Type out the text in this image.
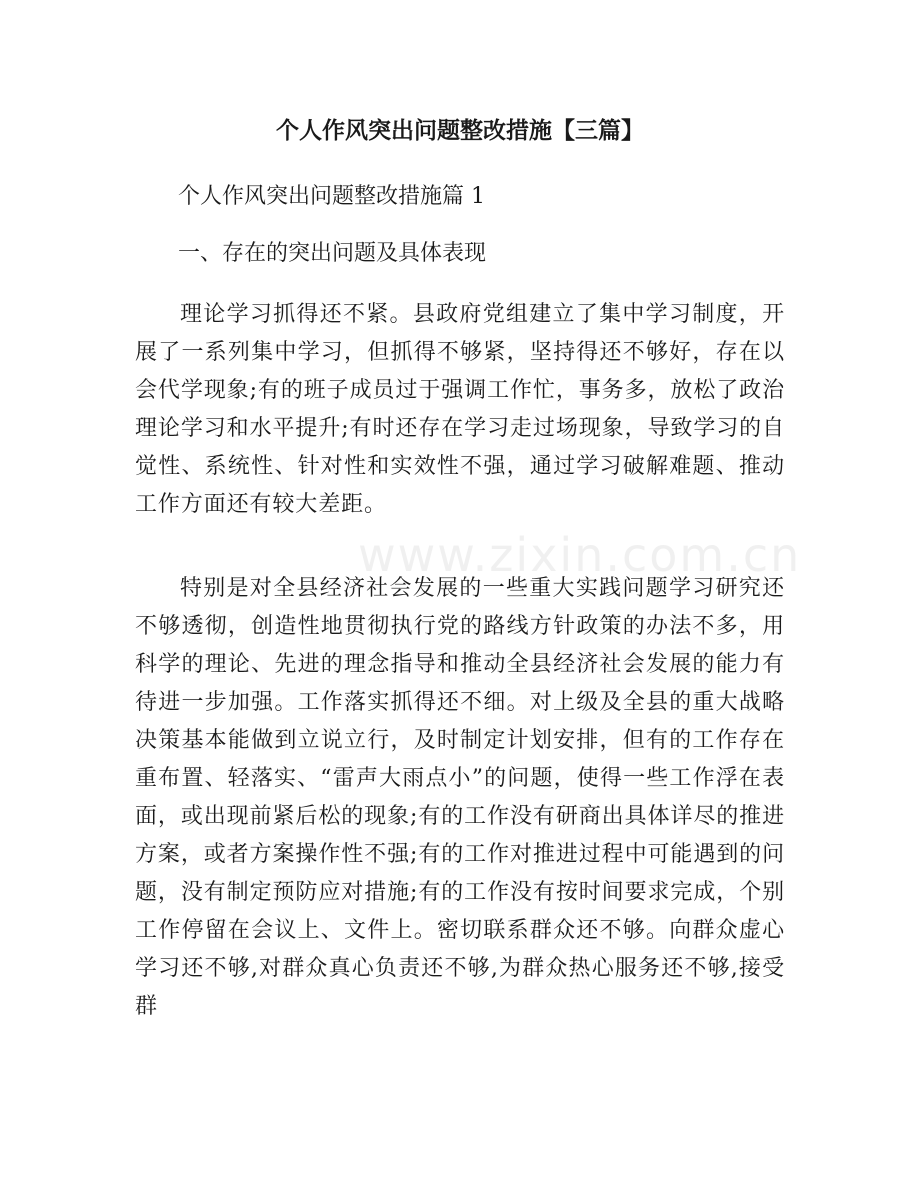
www.zixin.com.cn

个人作风突出问题整改措施【三篇】

个人作风突出问题整改措施篇 1

一、存在的突出问题及具体表现

理论学习抓得还不紧。县政府党组建立了集中学习制度，开展了一系列集中学习，但抓得不够紧，坚持得还不够好，存在以会代学现象;有的班子成员过于强调工作忙，事务多，放松了政治理论学习和水平提升;有时还存在学习走过场现象，导致学习的自觉性、系统性、针对性和实效性不强，通过学习破解难题、推动工作方面还有较大差距。

特别是对全县经济社会发展的一些重大实践问题学习研究还不够透彻，创造性地贯彻执行党的路线方针政策的办法不多，用科学的理论、先进的理念指导和推动全县经济社会发展的能力有待进一步加强。工作落实抓得还不细。对上级及全县的重大战略决策基本能做到立说立行，及时制定计划安排，但有的工作存在重布置、轻落实、“雷声大雨点小”的问题，使得一些工作浮在表面，或出现前紧后松的现象;有的工作没有研商出具体详尽的推进方案，或者方案操作性不强;有的工作对推进过程中可能遇到的问题，没有制定预防应对措施;有的工作没有按时间要求完成，个别工作停留在会议上、文件上。密切联系群众还不够。向群众虚心学习还不够,对群众真心负责还不够,为群众热心服务还不够,接受群
